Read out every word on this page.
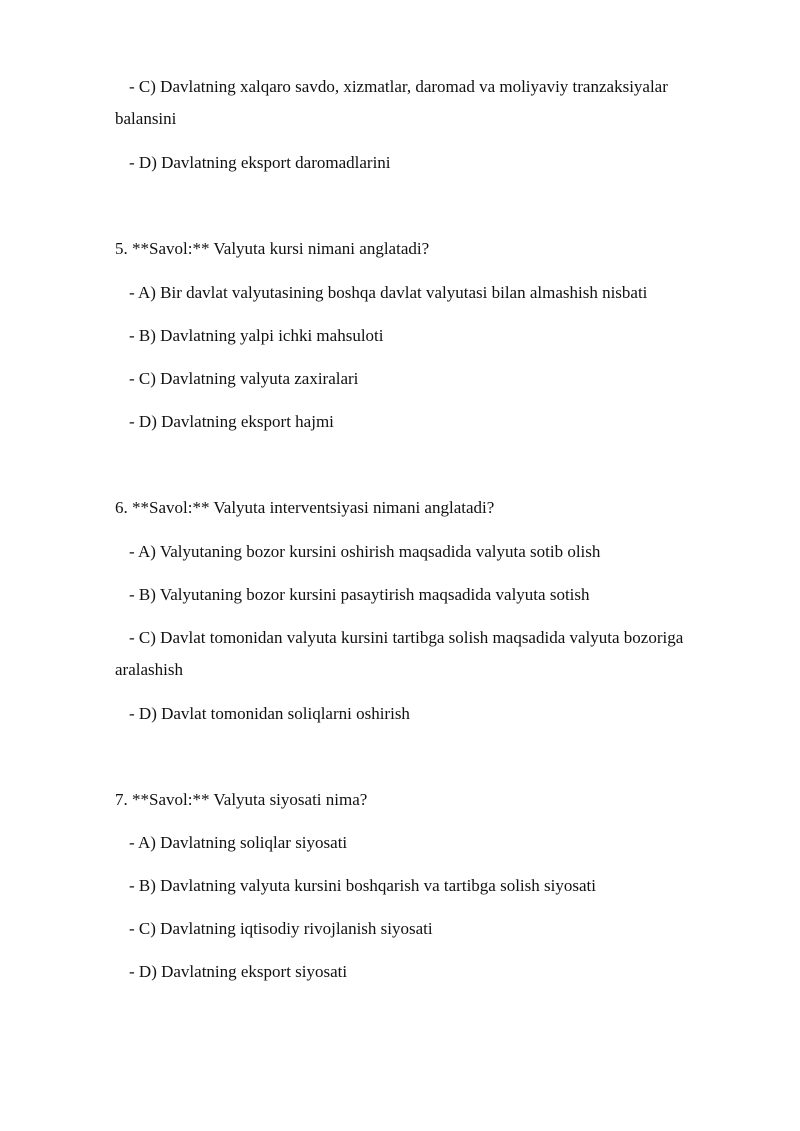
- C) Davlatning xalqaro savdo, xizmatlar, daromad va moliyaviy tranzaksiyalar
balansini
- D) Davlatning eksport daromadlarini
5. **Savol:** Valyuta kursi nimani anglatadi?
- A) Bir davlat valyutasining boshqa davlat valyutasi bilan almashish nisbati
- B) Davlatning yalpi ichki mahsuloti
- C) Davlatning valyuta zaxiralari
- D) Davlatning eksport hajmi
6. **Savol:** Valyuta interventsiyasi nimani anglatadi?
- A) Valyutaning bozor kursini oshirish maqsadida valyuta sotib olish
- B) Valyutaning bozor kursini pasaytirish maqsadida valyuta sotish
- C) Davlat tomonidan valyuta kursini tartibga solish maqsadida valyuta bozoriga
aralashish
- D) Davlat tomonidan soliqlarni oshirish
7. **Savol:** Valyuta siyosati nima?
- A) Davlatning soliqlar siyosati
- B) Davlatning valyuta kursini boshqarish va tartibga solish siyosati
- C) Davlatning iqtisodiy rivojlanish siyosati
- D) Davlatning eksport siyosati
